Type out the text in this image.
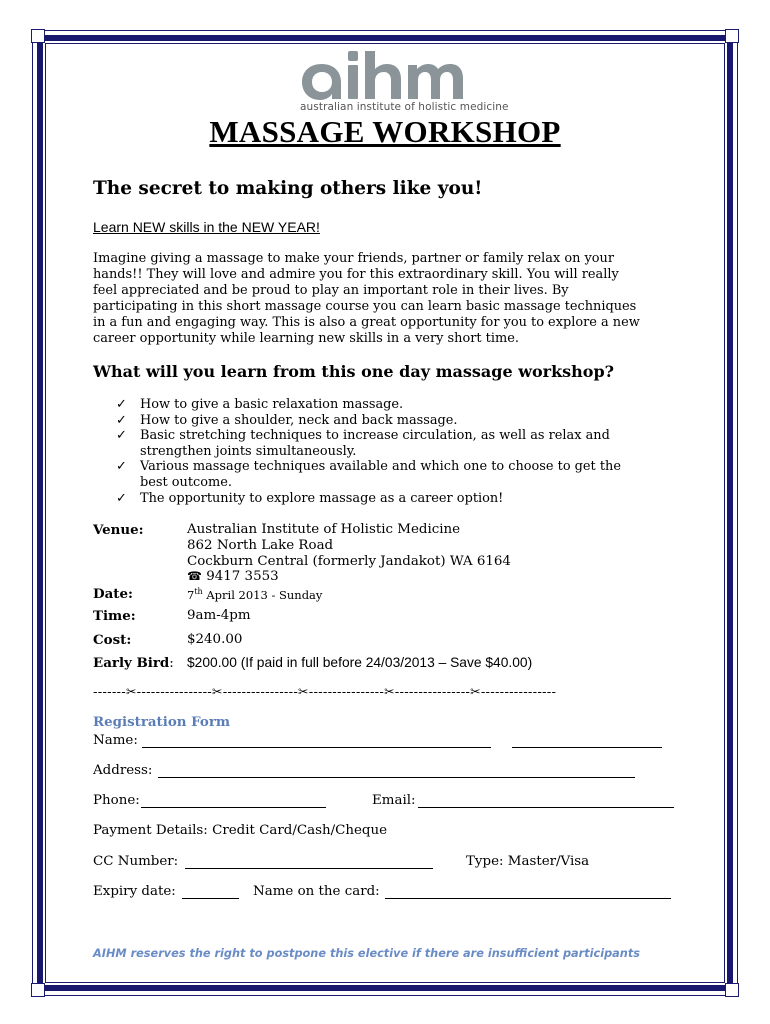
australian institute of holistic medicine
MASSAGE WORKSHOP
The secret to making others like you!
Learn NEW skills in the NEW YEAR!
Imagine giving a massage to make your friends, partner or family relax on your
hands!! They will love and admire you for this extraordinary skill. You will really
feel appreciated and be proud to play an important role in their lives. By
participating in this short massage course you can learn basic massage techniques
in a fun and engaging way. This is also a great opportunity for you to explore a new
career opportunity while learning new skills in a very short time.
What will you learn from this one day massage workshop?
✓ How to give a basic relaxation massage.
✓ How to give a shoulder, neck and back massage.
✓ Basic stretching techniques to increase circulation, as well as relax and
strengthen joints simultaneously.
✓ Various massage techniques available and which one to choose to get the
best outcome.
✓ The opportunity to explore massage as a career option!
Venue:	Australian Institute of Holistic Medicine
862 North Lake Road
Cockburn Central (formerly Jandakot) WA 6164
☎ 9417 3553
Date:	7th April 2013 - Sunday
Time:	9am-4pm
Cost:	$240.00
Early Bird: $200.00 (If paid in full before 24/03/2013 – Save $40.00)
-------✂----------------✂----------------✂----------------✂----------------✂----------------
Registration Form
Name:
Address:
Phone:	Email:
Payment Details: Credit Card/Cash/Cheque
CC Number:	Type: Master/Visa
Expiry date:	Name on the card:
AIHM reserves the right to postpone this elective if there are insufficient participants
